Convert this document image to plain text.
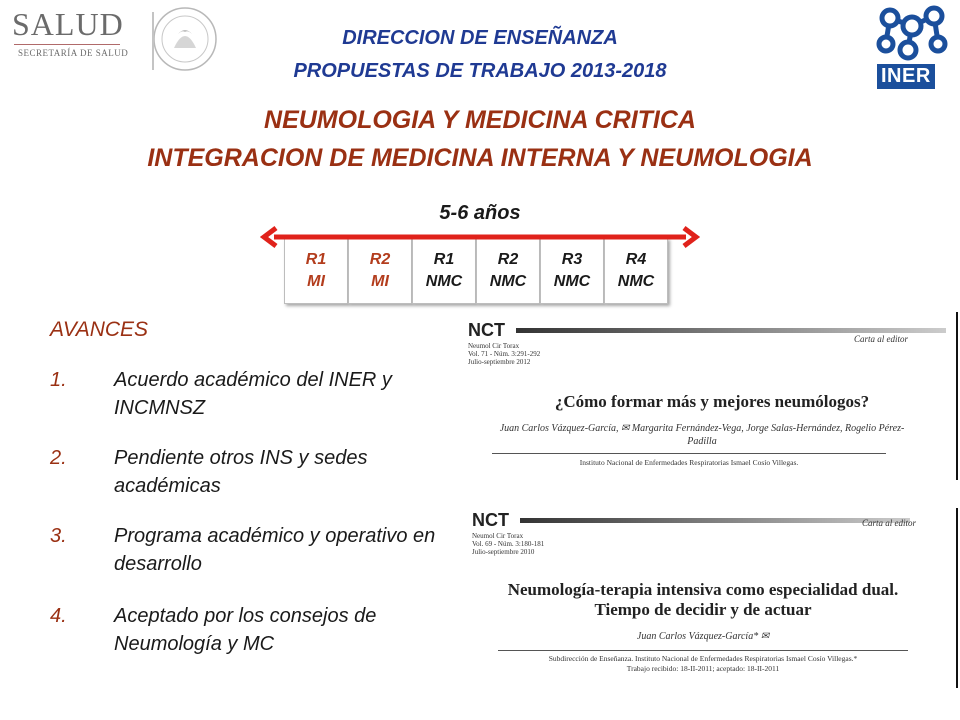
SALUD
SECRETARÍA DE SALUD
DIRECCION DE ENSEÑANZA
PROPUESTAS DE TRABAJO 2013-2018	INER
NEUMOLOGIA Y MEDICINA CRITICA
INTEGRACION DE MEDICINA INTERNA Y NEUMOLOGIA
5-6 años
R1
MI
R2
MI
R1
NMC
R2
NMC
R3
NMC
R4
NMC
AVANCES
1. Acuerdo académico del INER y INCMNSZ
2. Pendiente otros INS y sedes académicas
3. Programa académico y operativo en desarrollo
4. Aceptado por los consejos de Neumología y MC
NCT
Neumol Cir Torax
Vol. 71 - Núm. 3:291-292
Julio-septiembre 2012
Carta al editor
¿Cómo formar más y mejores neumólogos?
Juan Carlos Vázquez-García, ✉ Margarita Fernández-Vega, Jorge Salas-Hernández, Rogelio Pérez-Padilla
Instituto Nacional de Enfermedades Respiratorias Ismael Cosío Villegas.
NCT
Neumol Cir Torax
Vol. 69 - Núm. 3:180-181
Julio-septiembre 2010
Carta al editor
Neumología-terapia intensiva como especialidad dual. Tiempo de decidir y de actuar
Juan Carlos Vázquez-García* ✉
Subdirección de Enseñanza. Instituto Nacional de Enfermedades Respiratorias Ismael Cosío Villegas.*
Trabajo recibido: 18-II-2011; aceptado: 18-II-2011
